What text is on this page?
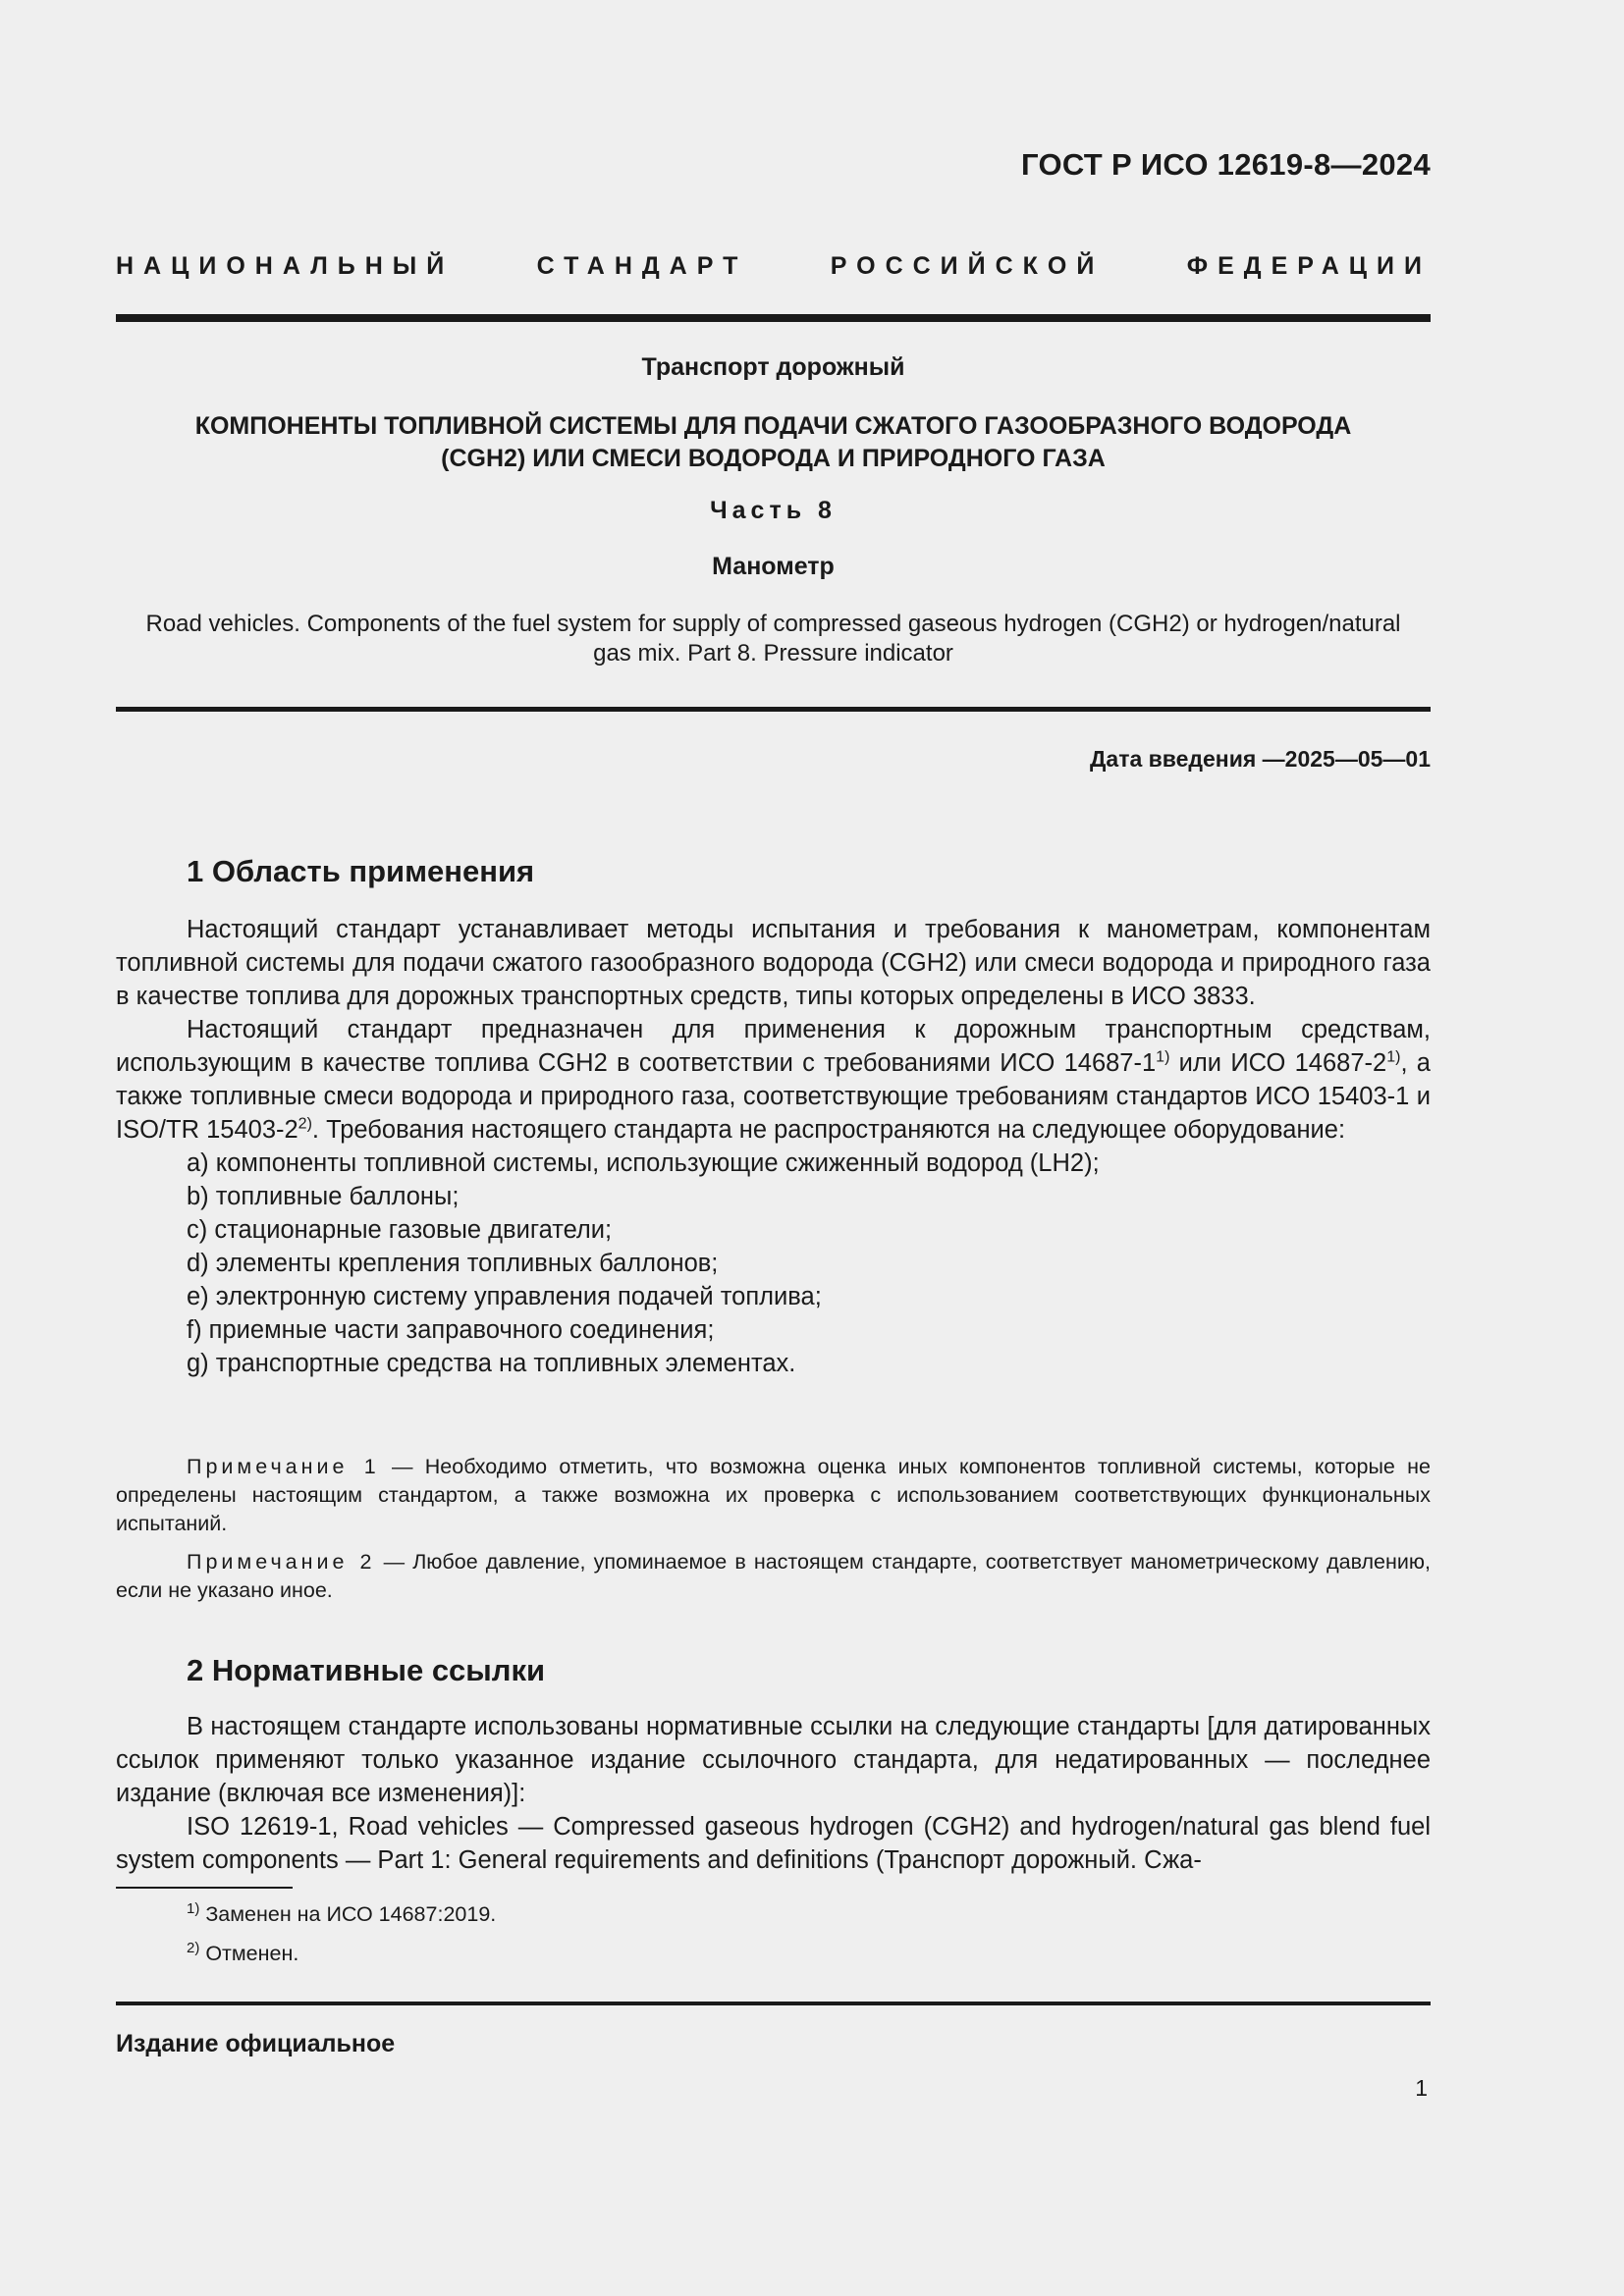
ГОСТ Р ИСО 12619-8—2024
НАЦИОНАЛЬНЫЙ СТАНДАРТ РОССИЙСКОЙ ФЕДЕРАЦИИ
Транспорт дорожный
КОМПОНЕНТЫ ТОПЛИВНОЙ СИСТЕМЫ ДЛЯ ПОДАЧИ СЖАТОГО ГАЗООБРАЗНОГО ВОДОРОДА
(CGH2) ИЛИ СМЕСИ ВОДОРОДА И ПРИРОДНОГО ГАЗА
Часть 8
Манометр
Road vehicles. Components of the fuel system for supply of compressed gaseous hydrogen (CGH2) or hydrogen/natural
gas mix. Part 8. Pressure indicator
Дата введения —2025—05—01
1 Область применения

Настоящий стандарт устанавливает методы испытания и требования к манометрам, компонентам топливной системы для подачи сжатого газообразного водорода (CGH2) или смеси водорода и природного газа в качестве топлива для дорожных транспортных средств, типы которых определены в ИСО 3833.

Настоящий стандарт предназначен для применения к дорожным транспортным средствам, использующим в качестве топлива CGH2 в соответствии с требованиями ИСО 14687-1$^{1)}$ или ИСО 14687-2$^{1)}$, а также топливные смеси водорода и природного газа, соответствующие требованиям стандартов ИСО 15403-1 и ISO/TR 15403-2$^{2)}$. Требования настоящего стандарта не распространяются на следующее оборудование:

a) компоненты топливной системы, использующие сжиженный водород (LH2);

b) топливные баллоны;

c) стационарные газовые двигатели;

d) элементы крепления топливных баллонов;

e) электронную систему управления подачей топлива;

f) приемные части заправочного соединения;

g) транспортные средства на топливных элементах.

Примечание 1 — Необходимо отметить, что возможна оценка иных компонентов топливной системы, которые не определены настоящим стандартом, а также возможна их проверка с использованием соответствующих функциональных испытаний.

Примечание 2 — Любое давление, упоминаемое в настоящем стандарте, соответствует манометрическому давлению, если не указано иное.

2 Нормативные ссылки

В настоящем стандарте использованы нормативные ссылки на следующие стандарты [для датированных ссылок применяют только указанное издание ссылочного стандарта, для недатированных — последнее издание (включая все изменения)]:

ISO 12619-1, Road vehicles — Compressed gaseous hydrogen (CGH2) and hydrogen/natural gas blend fuel system components — Part 1: General requirements and definitions (Транспорт дорожный. Сжа-

$^{1)}$ Заменен на ИСО 14687:2019.
$^{2)}$ Отменен.
Издание официальное
1
